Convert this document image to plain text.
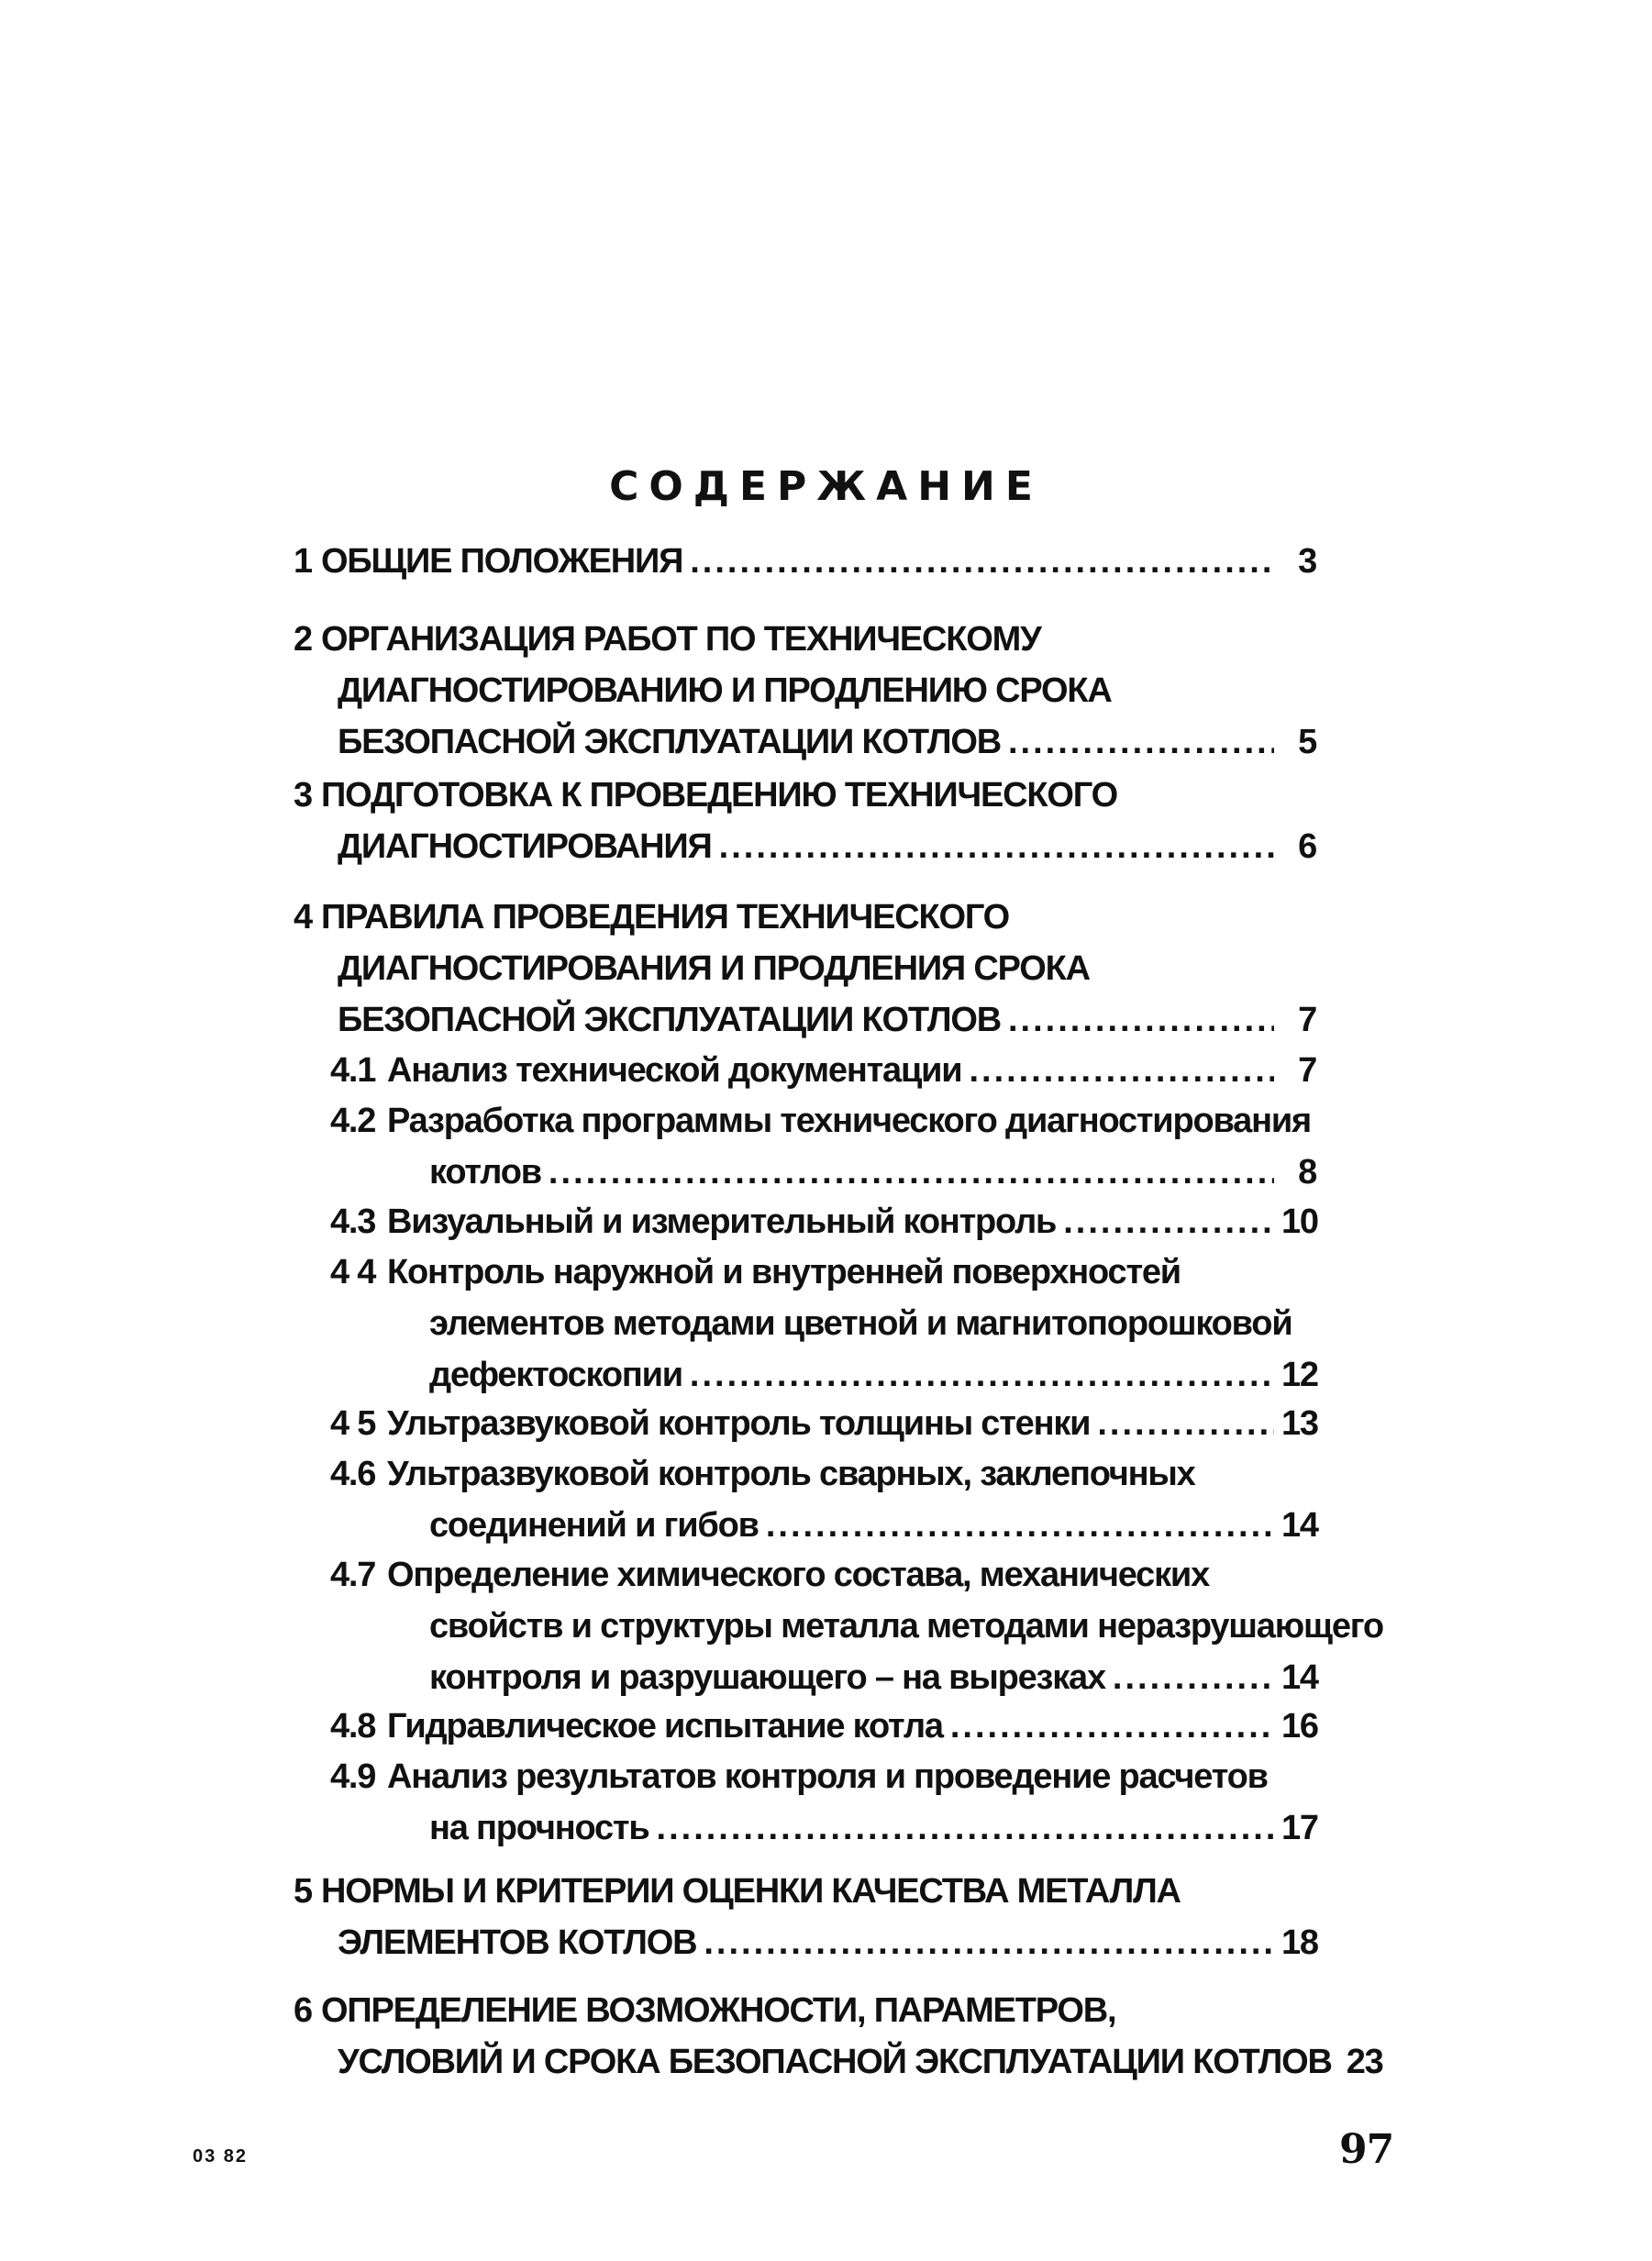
СОДЕРЖАНИЕ
1 ОБЩИЕ ПОЛОЖЕНИЯ .....	3
2 ОРГАНИЗАЦИЯ РАБОТ ПО ТЕХНИЧЕСКОМУ
ДИАГНОСТИРОВАНИЮ И ПРОДЛЕНИЮ СРОКА
БЕЗОПАСНОЙ ЭКСПЛУАТАЦИИ КОТЛОВ .....	5
3 ПОДГОТОВКА К ПРОВЕДЕНИЮ ТЕХНИЧЕСКОГО
ДИАГНОСТИРОВАНИЯ .....	6
4 ПРАВИЛА ПРОВЕДЕНИЯ ТЕХНИЧЕСКОГО
ДИАГНОСТИРОВАНИЯ И ПРОДЛЕНИЯ СРОКА
БЕЗОПАСНОЙ ЭКСПЛУАТАЦИИ КОТЛОВ .....	7
4.1 Анализ технической документации .....	7
4.2 Разработка программы технического диагностирования
котлов .....	8
4.3 Визуальный и измерительный контроль .....	10
4 4 Контроль наружной и внутренней поверхностей
элементов методами цветной и магнитопорошковой
дефектоскопии .....	12
4 5 Ультразвуковой контроль толщины стенки .....	13
4.6 Ультразвуковой контроль сварных, заклепочных
соединений и гибов .....	14
4.7 Определение химического состава, механических
свойств и структуры металла методами неразрушающего
контроля и разрушающего – на вырезках .....	14
4.8 Гидравлическое испытание котла .....	16
4.9 Анализ результатов контроля и проведение расчетов
на прочность .....	17
5 НОРМЫ И КРИТЕРИИ ОЦЕНКИ КАЧЕСТВА МЕТАЛЛА
ЭЛЕМЕНТОВ КОТЛОВ .....	18
6 ОПРЕДЕЛЕНИЕ ВОЗМОЖНОСТИ, ПАРАМЕТРОВ,
УСЛОВИЙ И СРОКА БЕЗОПАСНОЙ ЭКСПЛУАТАЦИИ КОТЛОВ 23
03 82	97
